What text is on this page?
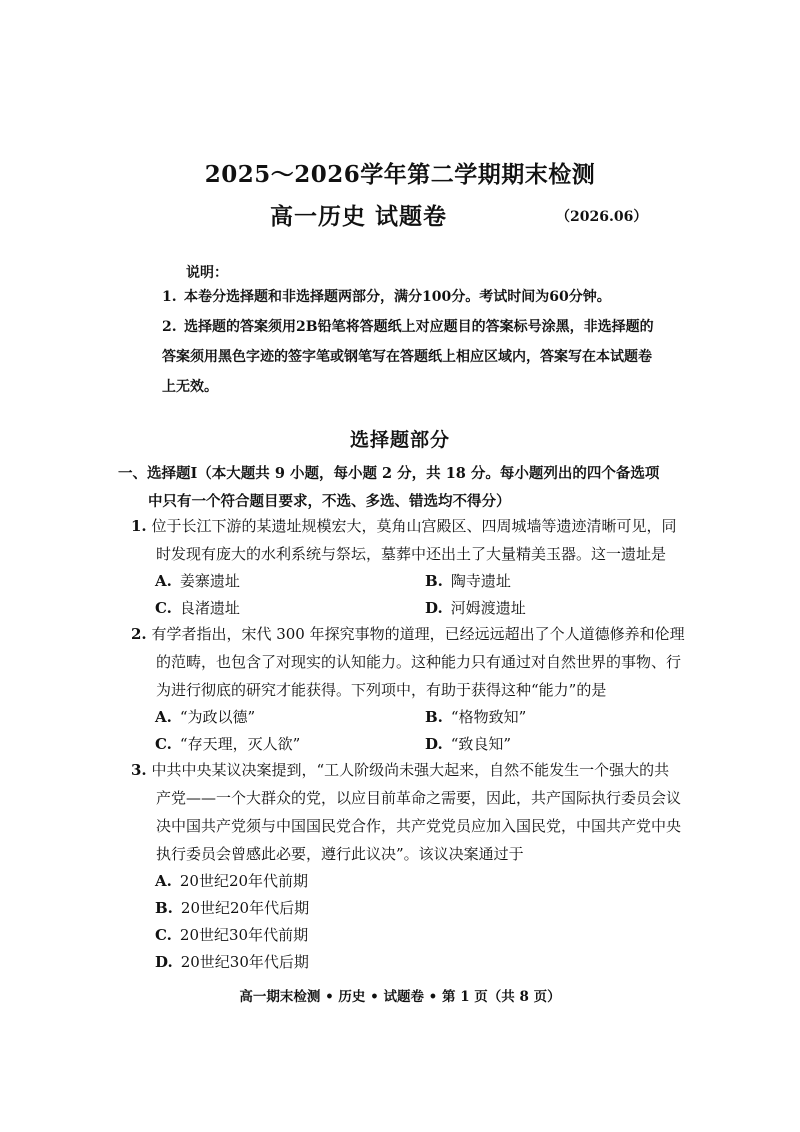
2025～2026学年第二学期期末检测
高一历史 试题卷	（2026.06）
说明：
1. 本卷分选择题和非选择题两部分，满分100分。考试时间为60分钟。
2. 选择题的答案须用2B铅笔将答题纸上对应题目的答案标号涂黑，非选择题的答案须用黑色字迹的签字笔或钢笔写在答题纸上相应区域内，答案写在本试题卷上无效。
选择题部分
一、选择题Ⅰ（本大题共 9 小题，每小题 2 分，共 18 分。每小题列出的四个备选项
中只有一个符合题目要求，不选、多选、错选均不得分）
1. 位于长江下游的某遗址规模宏大，莫角山宫殿区、四周城墙等遗迹清晰可见，同
时发现有庞大的水利系统与祭坛，墓葬中还出土了大量精美玉器。这一遗址是
A. 姜寨遗址	B. 陶寺遗址
C. 良渚遗址	D. 河姆渡遗址
2. 有学者指出，宋代 300 年探究事物的道理，已经远远超出了个人道德修养和伦理
的范畴，也包含了对现实的认知能力。这种能力只有通过对自然世界的事物、行
为进行彻底的研究才能获得。下列项中，有助于获得这种“能力”的是
A. “为政以德”	B. “格物致知”
C. “存天理，灭人欲”	D. “致良知”
3. 中共中央某议决案提到，“工人阶级尚未强大起来，自然不能发生一个强大的共
产党——一个大群众的党，以应目前革命之需要，因此，共产国际执行委员会议
决中国共产党须与中国国民党合作，共产党党员应加入国民党，中国共产党中央
执行委员会曾感此必要，遵行此议决”。该议决案通过于
A. 20世纪20年代前期
B. 20世纪20年代后期
C. 20世纪30年代前期
D. 20世纪30年代后期
高一期末检测 • 历史 • 试题卷 • 第 1 页（共 8 页）
